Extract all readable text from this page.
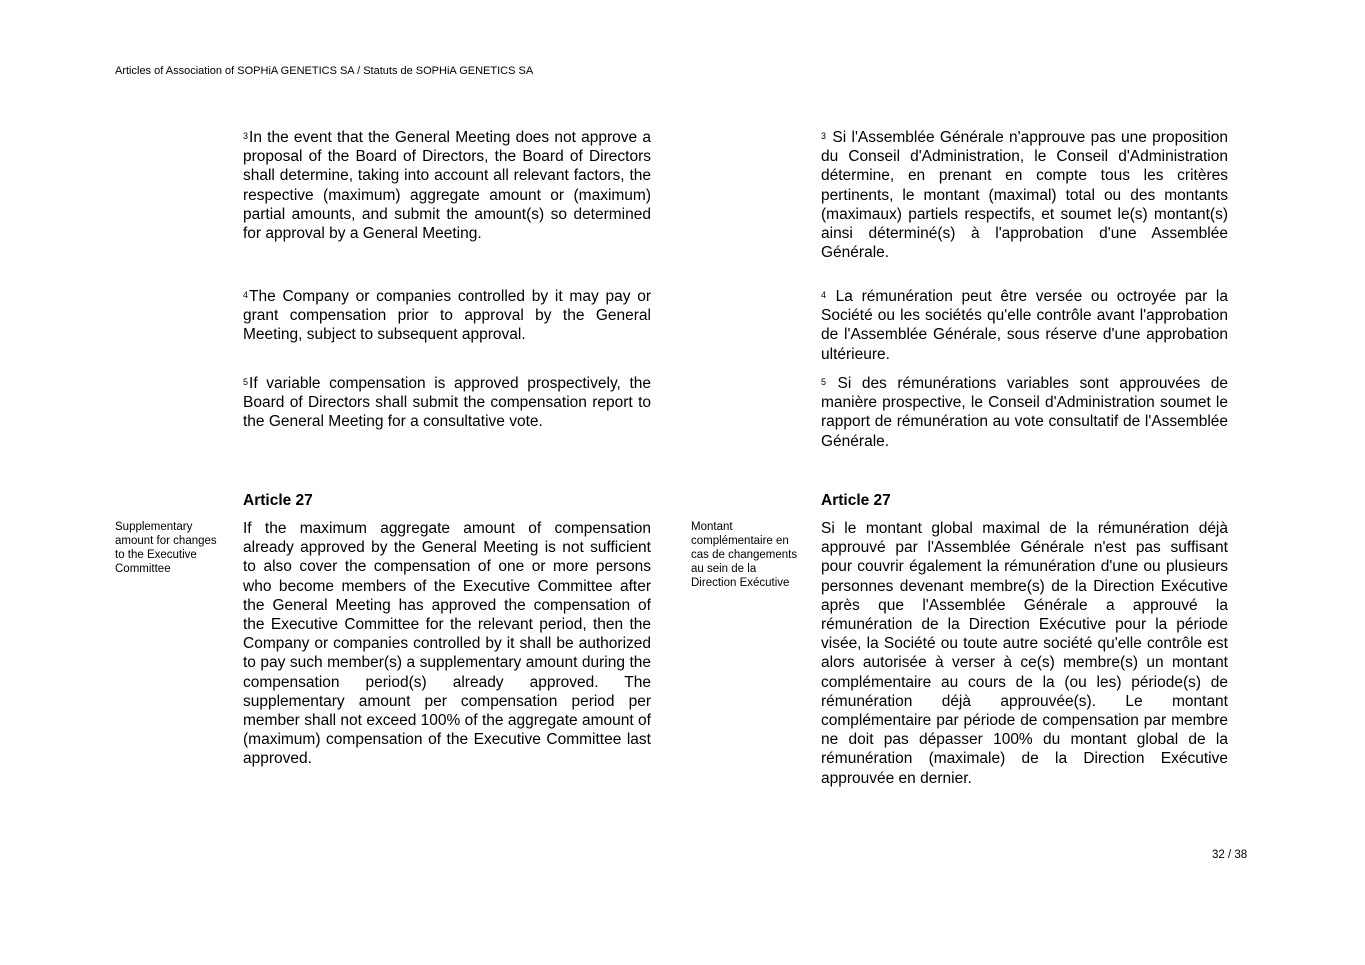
Articles of Association of SOPHiA GENETICS SA / Statuts de SOPHiA GENETICS SA
$^3$In the event that the General Meeting does not approve a proposal of the Board of Directors, the Board of Directors shall determine, taking into account all relevant factors, the respective (maximum) aggregate amount or (maximum) partial amounts, and submit the amount(s) so determined for approval by a General Meeting.
$^4$The Company or companies controlled by it may pay or grant compensation prior to approval by the General Meeting, subject to subsequent approval.
$^5$If variable compensation is approved prospectively, the Board of Directors shall submit the compensation report to the General Meeting for a consultative vote.
Article 27
Supplementary
amount for changes
to the Executive
Committee
If the maximum aggregate amount of compensation already approved by the General Meeting is not sufficient to also cover the compensation of one or more persons who become members of the Executive Committee after the General Meeting has approved the compensation of the Executive Committee for the relevant period, then the Company or companies controlled by it shall be authorized to pay such member(s) a supplementary amount during the compensation period(s) already approved. The supplementary amount per compensation period per member shall not exceed 100% of the aggregate amount of (maximum) compensation of the Executive Committee last approved.
$^3$ Si l'Assemblée Générale n'approuve pas une proposition du Conseil d'Administration, le Conseil d'Administration détermine, en prenant en compte tous les critères pertinents, le montant (maximal) total ou des montants (maximaux) partiels respectifs, et soumet le(s) montant(s) ainsi déterminé(s) à l'approbation d'une Assemblée Générale.
$^4$ La rémunération peut être versée ou octroyée par la Société ou les sociétés qu'elle contrôle avant l'approbation de l'Assemblée Générale, sous réserve d'une approbation ultérieure.
$^5$ Si des rémunérations variables sont approuvées de manière prospective, le Conseil d'Administration soumet le rapport de rémunération au vote consultatif de l'Assemblée Générale.
Article 27
Montant
complémentaire en
cas de changements
au sein de la
Direction Exécutive
Si le montant global maximal de la rémunération déjà approuvé par l'Assemblée Générale n'est pas suffisant pour couvrir également la rémunération d'une ou plusieurs personnes devenant membre(s) de la Direction Exécutive après que l'Assemblée Générale a approuvé la rémunération de la Direction Exécutive pour la période visée, la Société ou toute autre société qu'elle contrôle est alors autorisée à verser à ce(s) membre(s) un montant complémentaire au cours de la (ou les) période(s) de rémunération déjà approuvée(s). Le montant complémentaire par période de compensation par membre ne doit pas dépasser 100% du montant global de la rémunération (maximale) de la Direction Exécutive approuvée en dernier.
32 / 38
